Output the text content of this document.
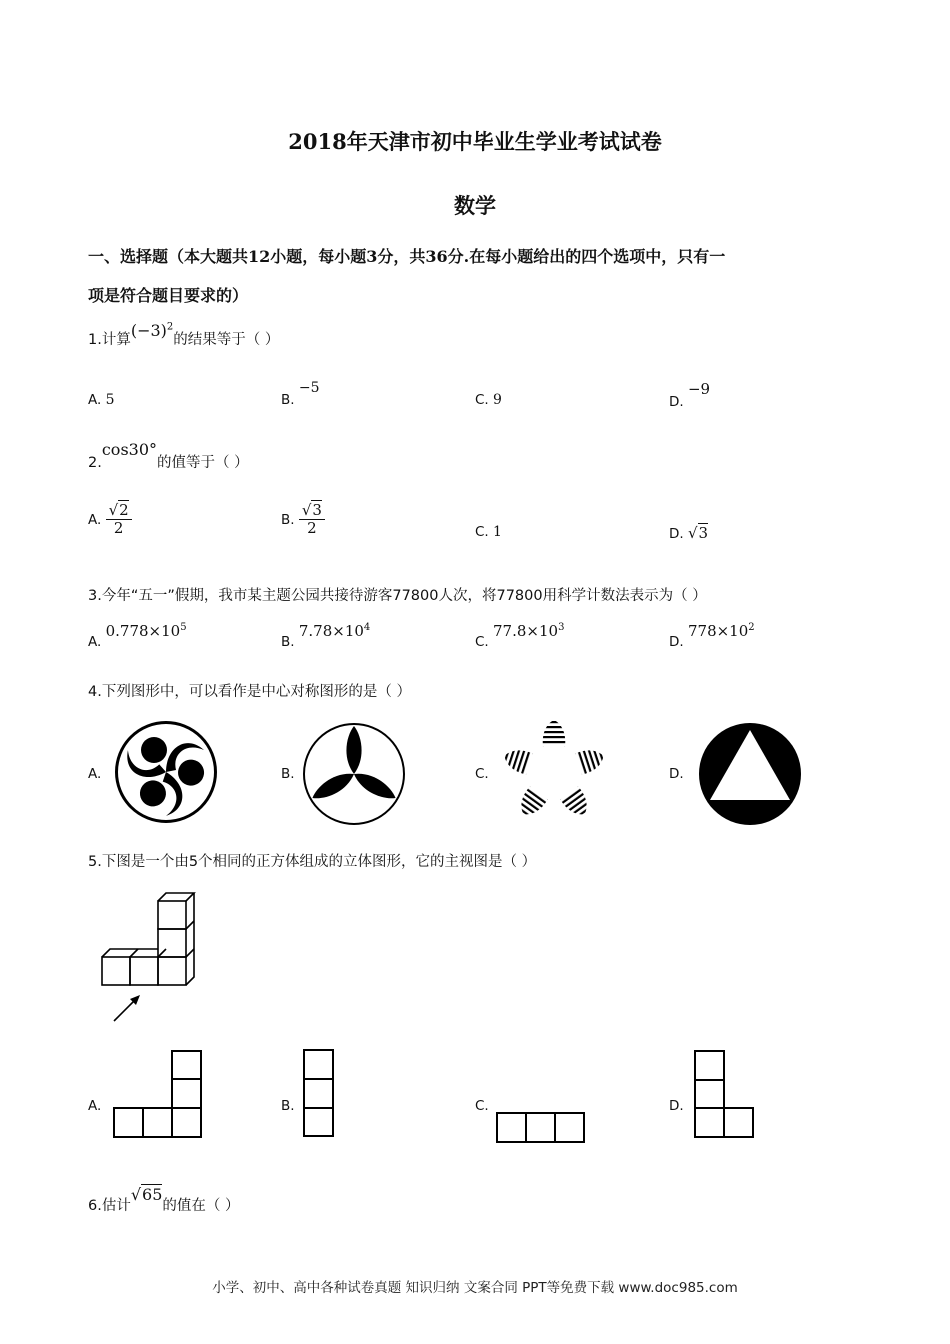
2018年天津市初中毕业生学业考试试卷
数学
一、选择题（本大题共12小题，每小题3分，共36分.在每小题给出的四个选项中，只有一
项是符合题目要求的）
1.计算$(-3)^2$的结果等于（ ）
A. 5	B. −5
C. 9	D. −9
2.cos30°的值等于（ ）
A. $\frac{√2}{2}$	B. $\frac{√3}{2}$	C. 1	D. √3
3.今年“五一”假期，我市某主题公园共接待游客77800人次，将77800用科学计数法表示为（ ）
A. $0.778\times 10^5$
B. $7.78\times 10^4$
C. $77.8\times 10^3$
D. $778\times 10^2$
4.下列图形中，可以看作是中心对称图形的是（ ）
A.	B.	C.	D.
5.下图是一个由5个相同的正方体组成的立体图形，它的主视图是（ ）
A.	B.	C.	D.
6.估计√65的值在（ ）
小学、初中、高中各种试卷真题 知识归纳 文案合同 PPT等免费下载 www.doc985.com
